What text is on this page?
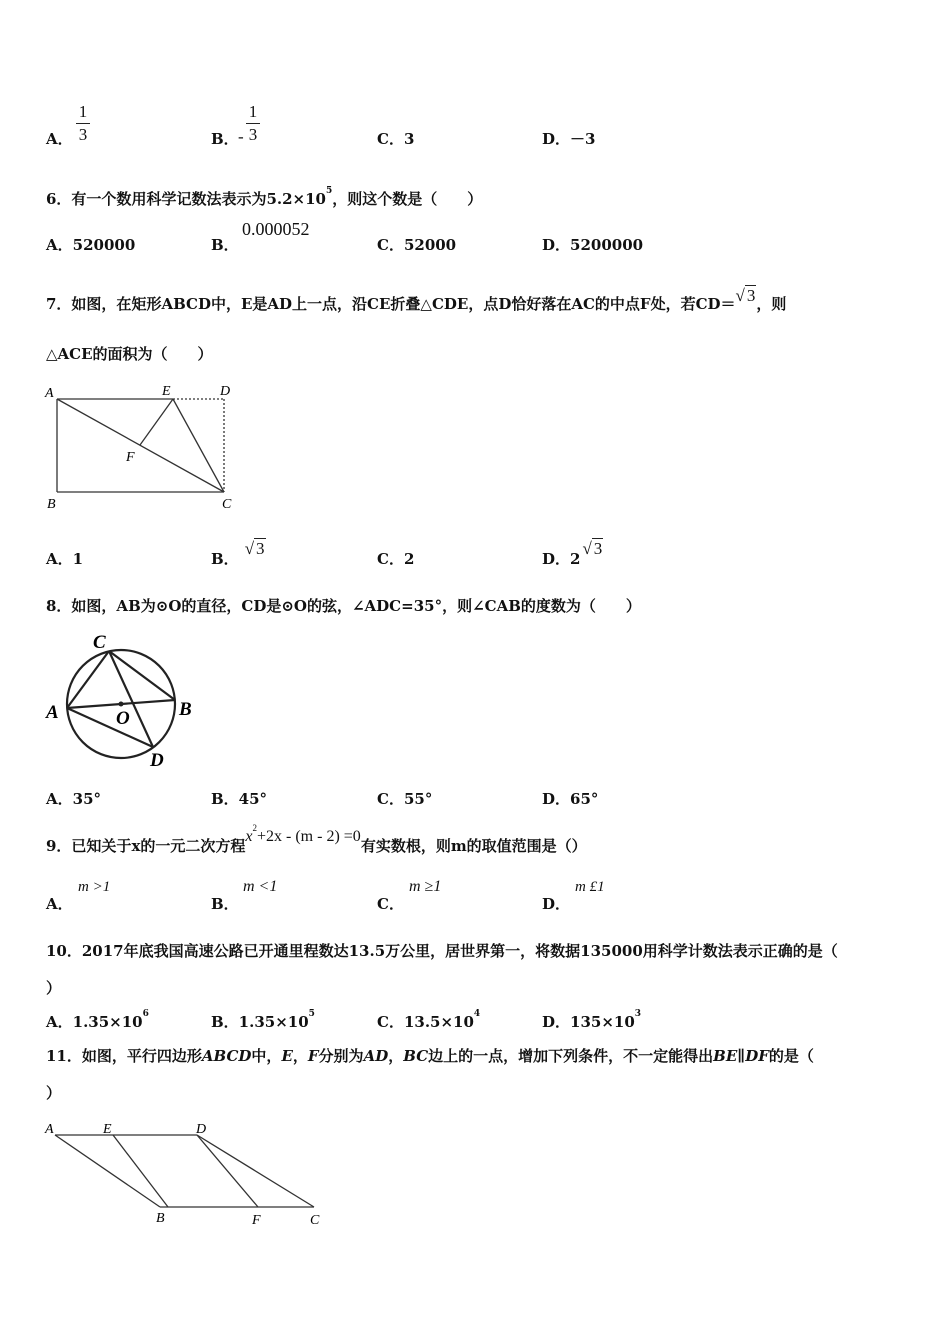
A．
1
3	B． -
1
3	C．3	D．－3
6．有一个数用科学记数法表示为$5.2\times 10^5$，则这个数是（　　）
A．520000	B．
0.000052
C．52000	D．5200000
7．如图，在矩形ABCD中，E是AD上一点，沿CE折叠△CDE，点D恰好落在AC的中点F处，若CD＝√ 3，则
△ACE的面积为（　　）
A	E	D
F
B	C
A．1	B．√ 3
C．2	D．2√ 3
8．如图，AB为⊙O的直径，CD是⊙O的弦，∠ADC=35°，则∠CAB的度数为（　　）
C
A	O	B
D
A．35°	B．45°	C．55°	D．65°
9．已知关于x的一元二次方程$x^2+2x - (m - 2) =0$有实数根，则m的取值范围是（）
A．
m >1
B．
m <1
C．
m ≥1
D．
m £1
10．2017年底我国高速公路已开通里程数达13.5万公里，居世界第一，将数据135000用科学计数法表示正确的是（
）
A．$1.35\times 10^6$	B．$1.35\times 10^5$	C．$13.5\times 10^4$	D．$135\times 10^3$
11．如图，平行四边形ABCD中，E，F分别为AD，BC边上的一点，增加下列条件，不一定能得出BE∥DF的是（
）
A	E	D
B	F	C
